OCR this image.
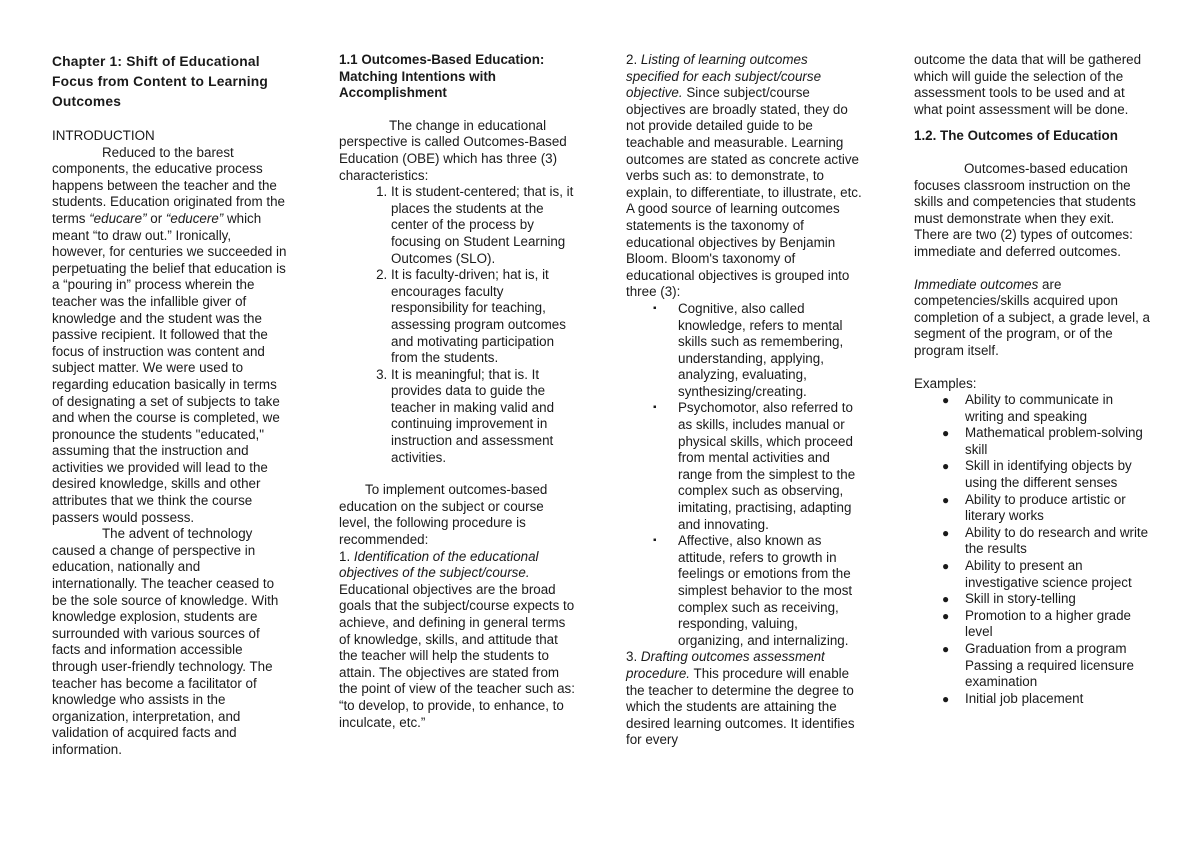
Chapter 1: Shift of Educational Focus from Content to Learning Outcomes

INTRODUCTION

Reduced to the barest components, the educative process happens between the teacher and the students. Education originated from the terms “educare” or “educere” which meant “to draw out.” Ironically, however, for centuries we succeeded in perpetuating the belief that education is a “pouring in” process wherein the teacher was the infallible giver of knowledge and the student was the passive recipient. It followed that the focus of instruction was content and subject matter. We were used to regarding education basically in terms of designating a set of subjects to take and when the course is completed, we pronounce the students "educated," assuming that the instruction and activities we provided will lead to the desired knowledge, skills and other attributes that we think the course passers would possess.

The advent of technology caused a change of perspective in education, nationally and internationally. The teacher ceased to be the sole source of knowledge. With knowledge explosion, students are surrounded with various sources of facts and information accessible through user-friendly technology. The teacher has become a facilitator of knowledge who assists in the organization, interpretation, and validation of acquired facts and information.

1.1 Outcomes-Based Education: Matching Intentions with Accomplishment

The change in educational perspective is called Outcomes-Based Education (OBE) which has three (3) characteristics:

1. It is student-centered; that is, it places the students at the center of the process by focusing on Student Learning Outcomes (SLO).
2. It is faculty-driven; hat is, it encourages faculty responsibility for teaching, assessing program outcomes and motivating participation from the students.
3. It is meaningful; that is. It provides data to guide the teacher in making valid and continuing improvement in instruction and assessment activities.

To implement outcomes-based education on the subject or course level, the following procedure is recommended:

1. Identification of the educational objectives of the subject/course. Educational objectives are the broad goals that the subject/course expects to achieve, and defining in general terms of knowledge, skills, and attitude that the teacher will help the students to attain. The objectives are stated from the point of view of the teacher such as: “to develop, to provide, to enhance, to inculcate, etc.”

2. Listing of learning outcomes specified for each subject/course objective. Since subject/course objectives are broadly stated, they do not provide detailed guide to be teachable and measurable. Learning outcomes are stated as concrete active verbs such as: to demonstrate, to explain, to differentiate, to illustrate, etc. A good source of learning outcomes statements is the taxonomy of educational objectives by Benjamin Bloom. Bloom's taxonomy of educational objectives is grouped into three (3):

▪ Cognitive, also called knowledge, refers to mental skills such as remembering, understanding, applying, analyzing, evaluating, synthesizing/creating.
▪ Psychomotor, also referred to as skills, includes manual or physical skills, which proceed from mental activities and range from the simplest to the complex such as observing, imitating, practising, adapting and innovating.
▪ Affective, also known as attitude, refers to growth in feelings or emotions from the simplest behavior to the most complex such as receiving, responding, valuing, organizing, and internalizing.

3. Drafting outcomes assessment procedure. This procedure will enable the teacher to determine the degree to which the students are attaining the desired learning outcomes. It identifies for every

outcome the data that will be gathered which will guide the selection of the assessment tools to be used and at what point assessment will be done.

1.2. The Outcomes of Education

Outcomes-based education focuses classroom instruction on the skills and competencies that students must demonstrate when they exit. There are two (2) types of outcomes: immediate and deferred outcomes.

Immediate outcomes are competencies/skills acquired upon completion of a subject, a grade level, a segment of the program, or of the program itself.

Examples:

● Ability to communicate in writing and speaking
● Mathematical problem-solving skill
● Skill in identifying objects by using the different senses
● Ability to produce artistic or literary works
● Ability to do research and write the results
● Ability to present an investigative science project
● Skill in story-telling
● Promotion to a higher grade level
● Graduation from a program Passing a required licensure examination
● Initial job placement
